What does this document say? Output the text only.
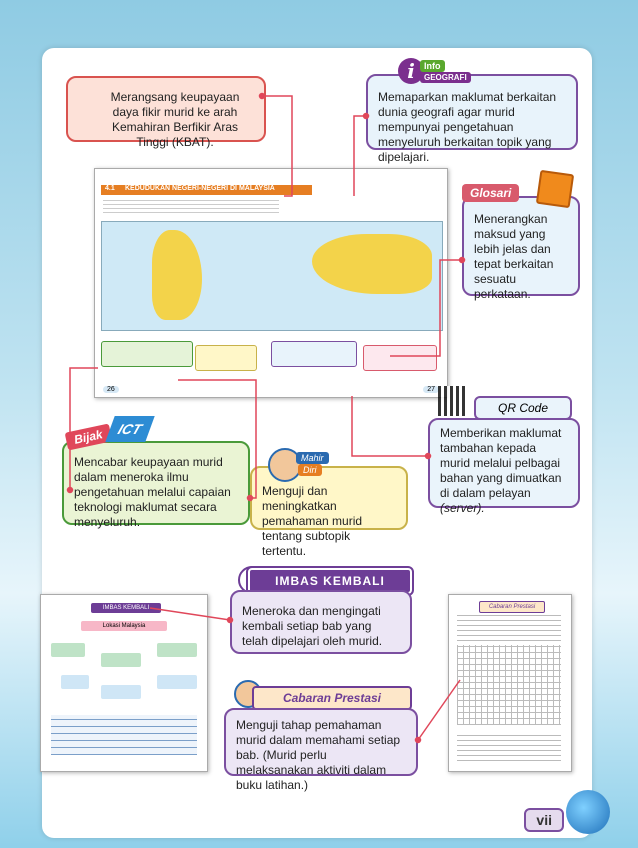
4.1 KEDUDUKAN NEGERI-NEGERI DI MALAYSIA
26	27
IMBAS KEMBALI
Lokasi Malaysia
Cabaran Prestasi
Merangsang keupayaan daya fikir murid ke arah Kemahiran Berfikir Aras Tinggi (KBAT).
Memaparkan maklumat berkaitan dunia geografi agar murid mempunyai pengetahuan menyeluruh berkaitan topik yang dipelajari.
i	Info
GEOGRAFI
Menerangkan maksud yang lebih jelas dan tepat berkaitan sesuatu perkataan.
Glosari
QR Code
Memberikan maklumat tambahan kepada murid melalui pelbagai bahan yang dimuatkan di dalam pelayan (server).
Mencabar keupayaan murid dalam meneroka ilmu pengetahuan melalui capaian teknologi maklumat secara menyeluruh.
Bijak ICT
Menguji dan meningkatkan pemahaman murid tentang subtopik tertentu.
Mahir
Diri
IMBAS KEMBALI
Meneroka dan mengingati kembali setiap bab yang telah dipelajari oleh murid.
Cabaran Prestasi
Menguji tahap pemahaman murid dalam memahami setiap bab. (Murid perlu melaksanakan aktiviti dalam buku latihan.)
vii
